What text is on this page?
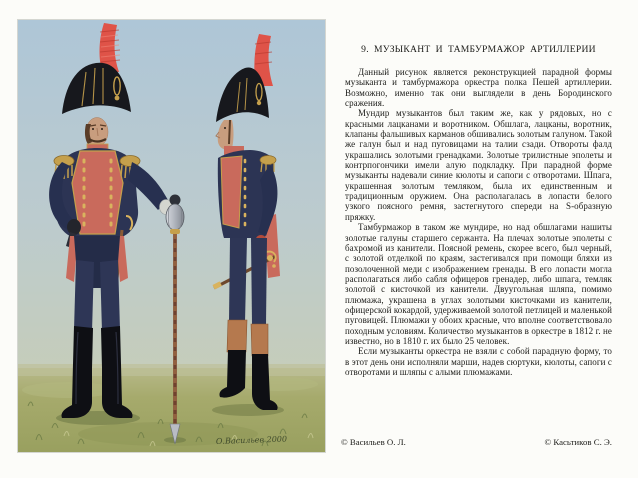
О.Васильев 2000
9. МУЗЫКАНТ И ТАМБУРМАЖОР АРТИЛЛЕРИИ

Данный рисунок является реконструкцией парадной формы музыканта и тамбурмажора оркестра полка Пешей артиллерии. Возможно, именно так они выглядели в день Бородинского сражения.

Мундир музыкантов был таким же, как у рядовых, но с красными лацканами и воротником. Обшлага, лацканы, воротник, клапаны фальшивых карманов обшивались золотым галуном. Такой же галун был и над пуговицами на талии сзади. Отвороты фалд украшались золотыми гренадками. Золотые трилистные эполеты и контрпогончики имели алую подкладку. При парадной форме музыканты надевали синие кюлоты и сапоги с отворотами. Шпага, украшенная золотым темляком, была их единственным и традиционным оружием. Она располагалась в лопасти белого узкого поясного ремня, застегнутого спереди на S-образную пряжку.

Тамбурмажор в таком же мундире, но над обшлагами нашиты золотые галуны старшего сержанта. На плечах золотые эполеты с бахромой из канители. Поясной ремень, скорее всего, был черный, с золотой отделкой по краям, застегивался при помощи бляхи из позолоченной меди с изображением гренады. В его лопасти могла располагаться либо сабля офицеров гренадер, либо шпага, темляк золотой с кисточкой из канители. Двуугольная шляпа, помимо плюмажа, украшена в углах золотыми кисточками из канители, офицерской кокардой, удерживаемой золотой петлицей и маленькой пуговицей. Плюмажи у обоих красные, что вполне соответствовало походным условиям. Количество музыкантов в оркестре в 1812 г. не известно, но в 1810 г. их было 25 человек.

Если музыканты оркестра не взяли с собой парадную форму, то в этот день они исполняли марши, надев сюртуки, кюлоты, сапоги с отворотами и шляпы с алыми плюмажами.

© Васильев О. Л.	© Касьтиков С. Э.
